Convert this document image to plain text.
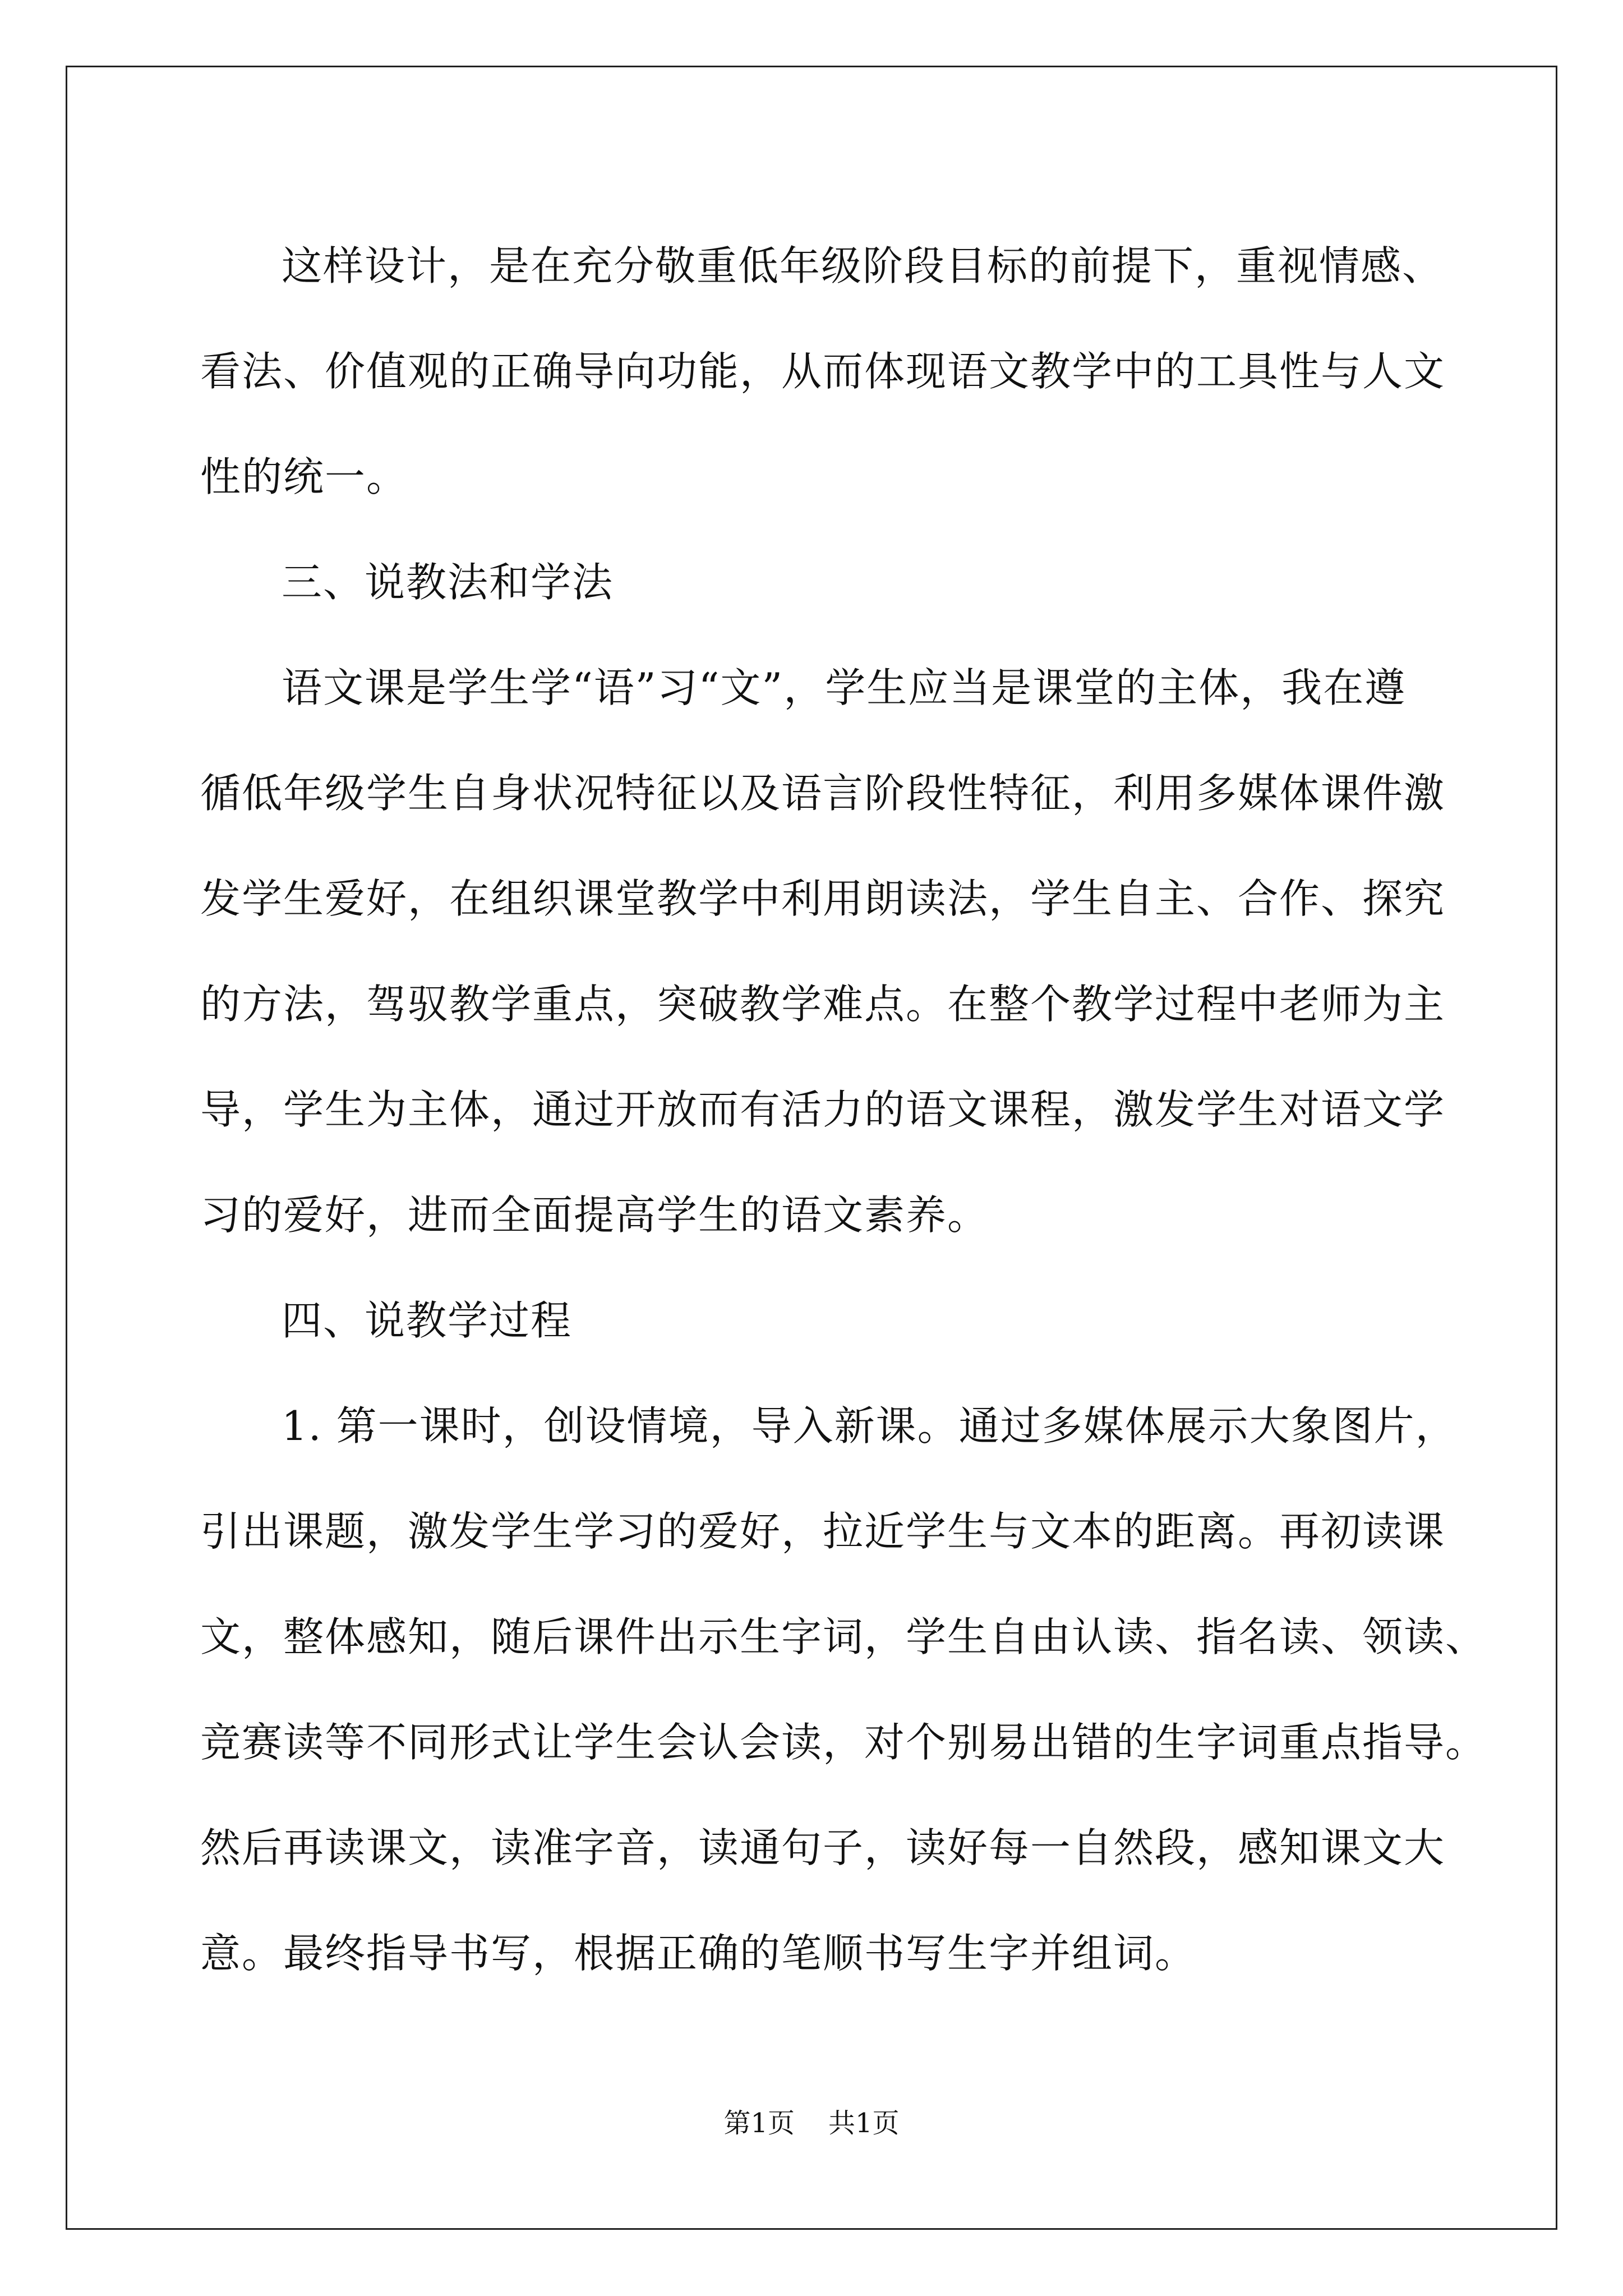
这样设计，是在充分敬重低年级阶段目标的前提下，重视情感、
看法、价值观的正确导向功能，从而体现语文教学中的工具性与人文
性的统一。
三、说教法和学法
语文课是学生学“语”习“文”，学生应当是课堂的主体，我在遵
循低年级学生自身状况特征以及语言阶段性特征，利用多媒体课件激
发学生爱好，在组织课堂教学中利用朗读法，学生自主、合作、探究
的方法，驾驭教学重点，突破教学难点。在整个教学过程中老师为主
导，学生为主体，通过开放而有活力的语文课程，激发学生对语文学
习的爱好，进而全面提高学生的语文素养。
四、说教学过程
1. 第一课时，创设情境，导入新课。通过多媒体展示大象图片，
引出课题，激发学生学习的爱好，拉近学生与文本的距离。再初读课
文，整体感知，随后课件出示生字词，学生自由认读、指名读、领读、
竞赛读等不同形式让学生会认会读，对个别易出错的生字词重点指导。
然后再读课文，读准字音，读通句子，读好每一自然段，感知课文大
意。最终指导书写，根据正确的笔顺书写生字并组词。
第1页 共1页
